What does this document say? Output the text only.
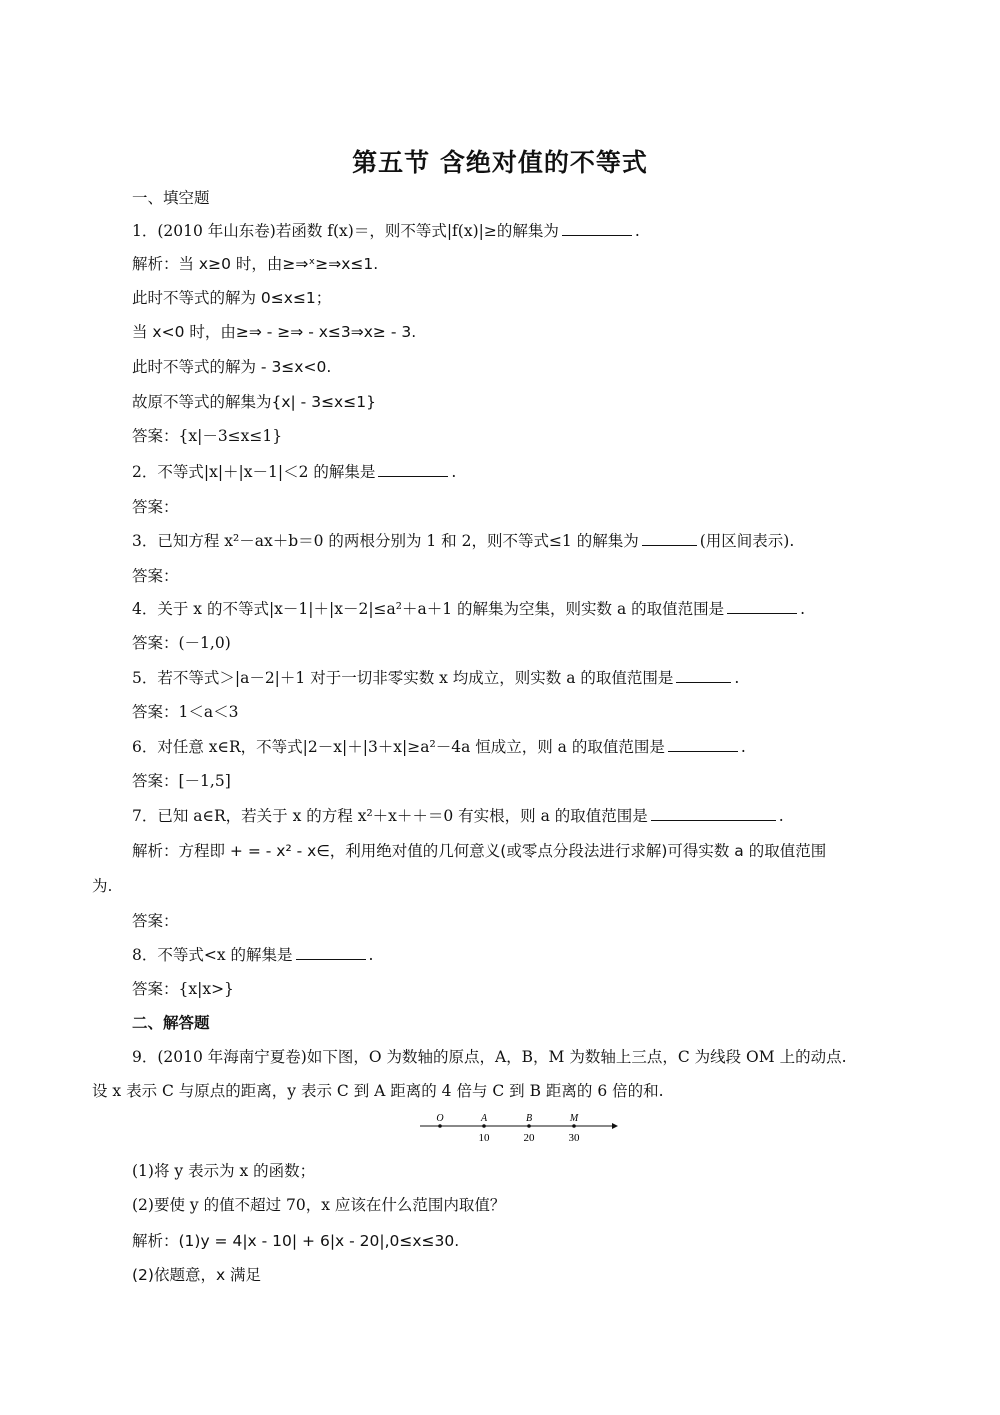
第五节 含绝对值的不等式
一、填空题
1．(2010 年山东卷)若函数 f(x)＝，则不等式|f(x)|≥的解集为	.
解析：当 x≥0 时，由≥⇒ˣ≥⇒x≤1.
此时不等式的解为 0≤x≤1；
当 x<0 时，由≥⇒ - ≥⇒ - x≤3⇒x≥ - 3.
此时不等式的解为 - 3≤x<0.
故原不等式的解集为{x| - 3≤x≤1}
答案：{x|－3≤x≤1}
2．不等式|x|＋|x－1|＜2 的解集是	.
答案：
3．已知方程 x²－ax＋b＝0 的两根分别为 1 和 2，则不等式≤1 的解集为	(用区间表示).
答案：
4．关于 x 的不等式|x－1|＋|x－2|≤a²＋a＋1 的解集为空集，则实数 a 的取值范围是	.
答案：(－1,0)
5．若不等式＞|a－2|＋1 对于一切非零实数 x 均成立，则实数 a 的取值范围是	.
答案：1＜a＜3
6．对任意 x∈R，不等式|2－x|＋|3＋x|≥a²－4a 恒成立，则 a 的取值范围是	.
答案：[－1,5]
7．已知 a∈R，若关于 x 的方程 x²＋x＋＋＝0 有实根，则 a 的取值范围是	.
解析：方程即 + = - x² - x∈，利用绝对值的几何意义(或零点分段法进行求解)可得实数 a 的取值范围
为.
答案：
8．不等式<x 的解集是	.
答案：{x|x>}
二、解答题
9．(2010 年海南宁夏卷)如下图，O 为数轴的原点，A，B，M 为数轴上三点，C 为线段 OM 上的动点.
设 x 表示 C 与原点的距离，y 表示 C 到 A 距离的 4 倍与 C 到 B 距离的 6 倍的和.
O	A	B	M
10	20	30
(1)将 y 表示为 x 的函数；
(2)要使 y 的值不超过 70，x 应该在什么范围内取值？
解析：(1)y = 4|x - 10| + 6|x - 20|,0≤x≤30.
(2)依题意，x 满足
